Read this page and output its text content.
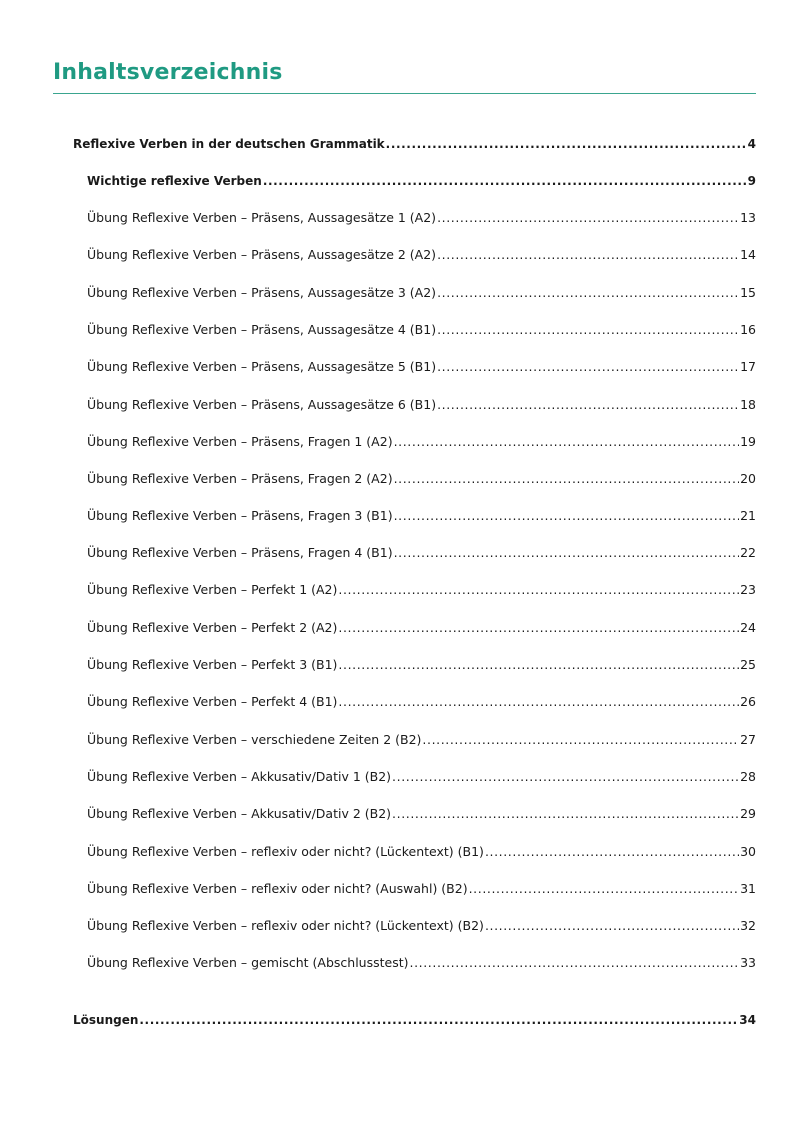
Inhaltsverzeichnis
Reflexive Verben in der deutschen Grammatik .....	4
Wichtige reflexive Verben .....	9
Übung Reflexive Verben – Präsens, Aussagesätze 1 (A2) .....	13
Übung Reflexive Verben – Präsens, Aussagesätze 2 (A2) .....	14
Übung Reflexive Verben – Präsens, Aussagesätze 3 (A2) .....	15
Übung Reflexive Verben – Präsens, Aussagesätze 4 (B1) .....	16
Übung Reflexive Verben – Präsens, Aussagesätze 5 (B1) .....	17
Übung Reflexive Verben – Präsens, Aussagesätze 6 (B1) .....	18
Übung Reflexive Verben – Präsens, Fragen 1 (A2) .....	19
Übung Reflexive Verben – Präsens, Fragen 2 (A2) .....	20
Übung Reflexive Verben – Präsens, Fragen 3 (B1) .....	21
Übung Reflexive Verben – Präsens, Fragen 4 (B1) .....	22
Übung Reflexive Verben – Perfekt 1 (A2) .....	23
Übung Reflexive Verben – Perfekt 2 (A2) .....	24
Übung Reflexive Verben – Perfekt 3 (B1) .....	25
Übung Reflexive Verben – Perfekt 4 (B1) .....	26
Übung Reflexive Verben – verschiedene Zeiten 2 (B2) .....	27
Übung Reflexive Verben – Akkusativ/Dativ 1 (B2) .....	28
Übung Reflexive Verben – Akkusativ/Dativ 2 (B2) .....	29
Übung Reflexive Verben – reflexiv oder nicht? (Lückentext) (B1) .....	30
Übung Reflexive Verben – reflexiv oder nicht? (Auswahl) (B2) .....	31
Übung Reflexive Verben – reflexiv oder nicht? (Lückentext) (B2) .....	32
Übung Reflexive Verben – gemischt (Abschlusstest) .....	33
Lösungen .....	34
